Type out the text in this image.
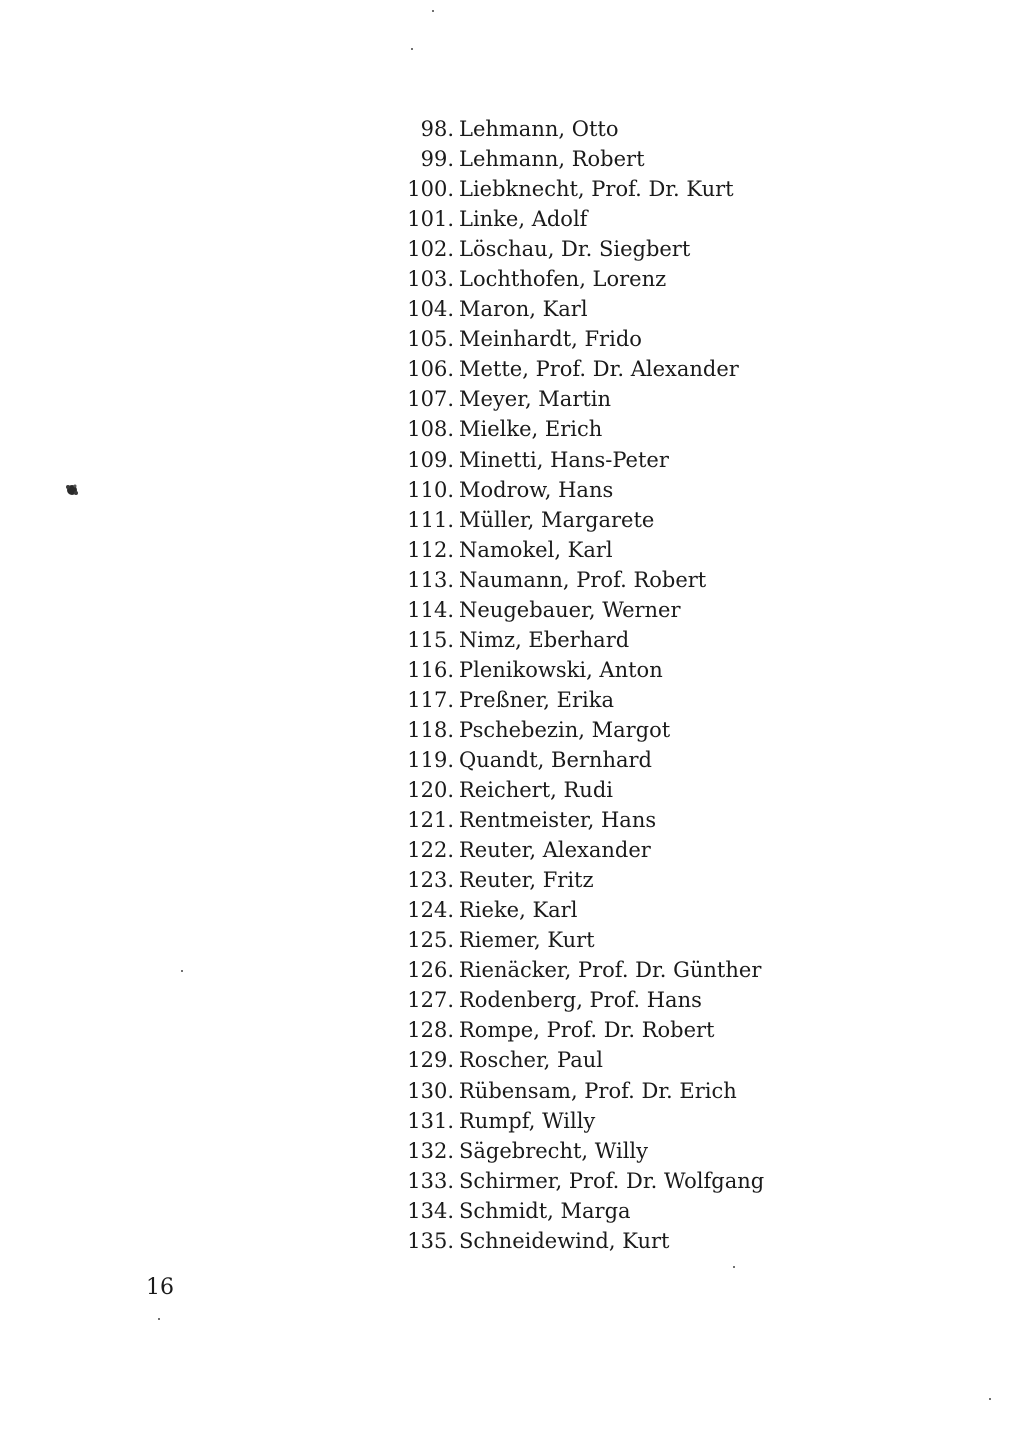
98. Lehmann, Otto
99. Lehmann, Robert
100. Liebknecht, Prof. Dr. Kurt
101. Linke, Adolf
102. Löschau, Dr. Siegbert
103. Lochthofen, Lorenz
104. Maron, Karl
105. Meinhardt, Frido
106. Mette, Prof. Dr. Alexander
107. Meyer, Martin
108. Mielke, Erich
109. Minetti, Hans-Peter
110. Modrow, Hans
111. Müller, Margarete
112. Namokel, Karl
113. Naumann, Prof. Robert
114. Neugebauer, Werner
115. Nimz, Eberhard
116. Plenikowski, Anton
117. Preßner, Erika
118. Pschebezin, Margot
119. Quandt, Bernhard
120. Reichert, Rudi
121. Rentmeister, Hans
122. Reuter, Alexander
123. Reuter, Fritz
124. Rieke, Karl
125. Riemer, Kurt
126. Rienäcker, Prof. Dr. Günther
127. Rodenberg, Prof. Hans
128. Rompe, Prof. Dr. Robert
129. Roscher, Paul
130. Rübensam, Prof. Dr. Erich
131. Rumpf, Willy
132. Sägebrecht, Willy
133. Schirmer, Prof. Dr. Wolfgang
134. Schmidt, Marga
135. Schneidewind, Kurt
16
